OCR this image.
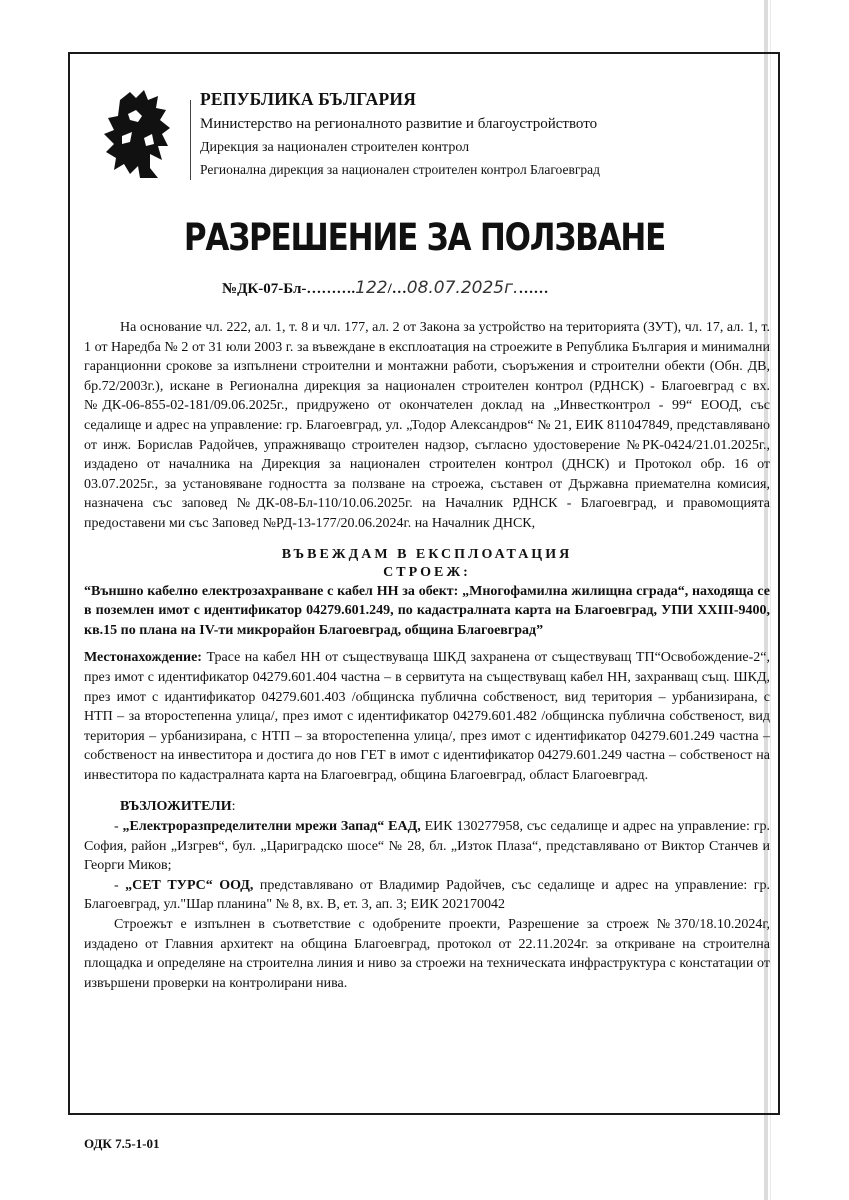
РЕПУБЛИКА БЪЛГАРИЯ
Министерство на регионалното развитие и благоустройството
Дирекция за национален строителен контрол
Регионална дирекция за национален строителен контрол Благоевград
РАЗРЕШЕНИЕ ЗА ПОЛЗВАНЕ
№ДК-07-Бл-……….122/…08.07.2025г.……

На основание чл. 222, ал. 1, т. 8 и чл. 177, ал. 2 от Закона за устройство на територията (ЗУТ), чл. 17, ал. 1, т. 1 от Наредба № 2 от 31 юли 2003 г. за въвеждане в експлоатация на строежите в Република България и минимални гаранционни срокове за изпълнени строителни и монтажни работи, съоръжения и строителни обекти (Обн. ДВ, бр.72/2003г.), искане в Регионална дирекция за национален строителен контрол (РДНСК) - Благоевград с вх. №ДК-06-855-02-181/09.06.2025г., придружено от окончателен доклад на „Инвестконтрол - 99“ ЕООД, със седалище и адрес на управление: гр. Благоевград, ул. „Тодор Александров“ № 21, ЕИК 811047849, представлявано от инж. Борислав Радойчев, упражняващо строителен надзор, съгласно удостоверение №РК-0424/21.01.2025г., издадено от началника на Дирекция за национален строителен контрол (ДНСК) и Протокол обр. 16 от 03.07.2025г., за установяване годността за ползване на строежа, съставен от Държавна приемателна комисия, назначена със заповед №ДК-08-Бл-110/10.06.2025г. на Началник РДНСК - Благоевград, и правомощията предоставени ми със Заповед №РД-13-177/20.06.2024г. на Началник ДНСК,

ВЪВЕЖДАМ В ЕКСПЛОАТАЦИЯ

СТРОЕЖ:

“Външно кабелно електрозахранване с кабел НН за обект: „Многофамилна жилищна сграда“, находяща се в поземлен имот с идентификатор 04279.601.249, по кадастралната карта на Благоевград, УПИ XXIII-9400, кв.15 по плана на IV-ти микрорайон Благоевград, община Благоевград”

Местонахождение: Трасе на кабел НН от съществуваща ШКД захранена от съществуващ ТП“Освобождение-2“, през имот с идентификатор 04279.601.404 частна – в сервитута на съществуващ кабел НН, захранващ същ. ШКД, през имот с идантификатор 04279.601.403 /общинска публична собственост, вид територия – урбанизирана, с НТП – за второстепенна улица/, през имот с идентификатор 04279.601.482 /общинска публична собственост, вид територия – урбанизирана, с НТП – за второстепенна улица/, през имот с идентификатор 04279.601.249 частна – собственост на инвеститора и достига до нов ГЕТ в имот с идентификатор 04279.601.249 частна – собственост на инвеститора по кадастралната карта на Благоевград, община Благоевград, област Благоевград.

ВЪЗЛОЖИТЕЛИ:

- „Електроразпределителни мрежи Запад“ ЕАД, ЕИК 130277958, със седалище и адрес на управление: гр. София, район „Изгрев“, бул. „Цариградско шосе“ № 28, бл. „Изток Плаза“, представлявано от Виктор Станчев и Георги Миков;

- „СЕТ ТУРС“ ООД, представлявано от Владимир Радойчев, със седалище и адрес на управление: гр. Благоевград, ул."Шар планина" № 8, вх. В, ет. 3, ап. 3; ЕИК 202170042

Строежът е изпълнен в съответствие с одобрените проекти, Разрешение за строеж №370/18.10.2024г, издадено от Главния архитект на община Благоевград, протокол от 22.11.2024г. за откриване на строителна площадка и определяне на строителна линия и ниво за строежи на техническата инфраструктура с констатации от извършени проверки на контролирани нива.

ОДК 7.5-1-01
